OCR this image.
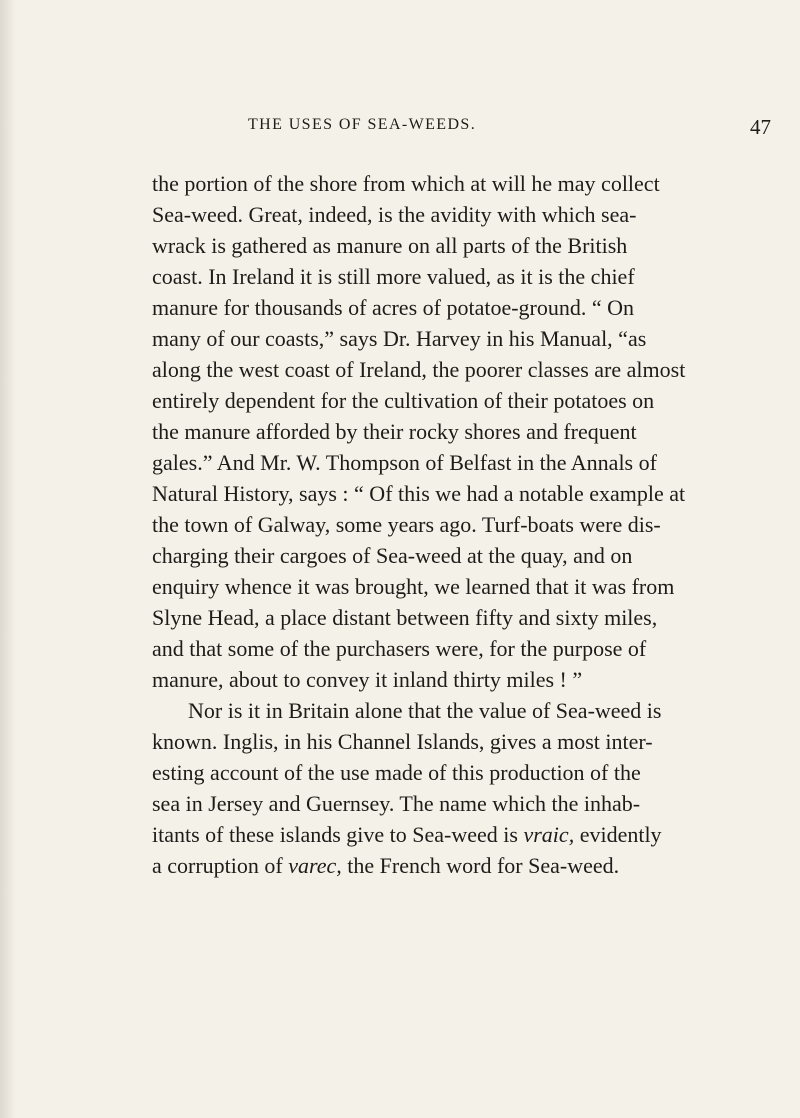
THE USES OF SEA-WEEDS.	47
the portion of the shore from which at will he may collect
Sea-weed. Great, indeed, is the avidity with which sea-
wrack is gathered as manure on all parts of the British
coast. In Ireland it is still more valued, as it is the chief
manure for thousands of acres of potatoe-ground. “ On
many of our coasts,” says Dr. Harvey in his Manual, “as
along the west coast of Ireland, the poorer classes are almost
entirely dependent for the cultivation of their potatoes on
the manure afforded by their rocky shores and frequent
gales.” And Mr. W. Thompson of Belfast in the Annals of
Natural History, says : “ Of this we had a notable example at
the town of Galway, some years ago. Turf-boats were dis-
charging their cargoes of Sea-weed at the quay, and on
enquiry whence it was brought, we learned that it was from
Slyne Head, a place distant between fifty and sixty miles,
and that some of the purchasers were, for the purpose of
manure, about to convey it inland thirty miles ! ”
Nor is it in Britain alone that the value of Sea-weed is
known. Inglis, in his Channel Islands, gives a most inter-
esting account of the use made of this production of the
sea in Jersey and Guernsey. The name which the inhab-
itants of these islands give to Sea-weed is vraic, evidently
a corruption of varec, the French word for Sea-weed.
